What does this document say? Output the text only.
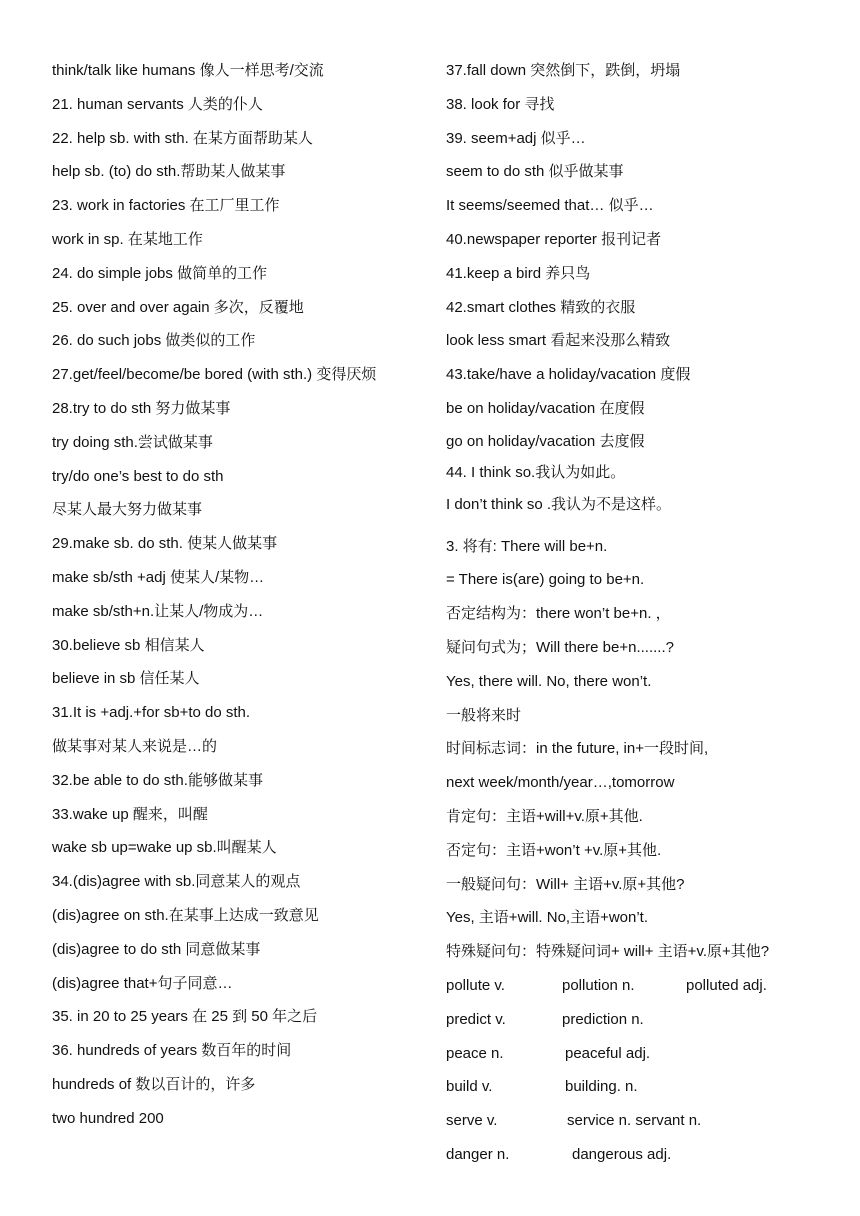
think/talk like humans 像人一样思考/交流
21. human servants 人类的仆人
22. help sb. with sth. 在某方面帮助某人
help sb. (to) do sth.帮助某人做某事
23. work in factories 在工厂里工作
work in sp. 在某地工作
24. do simple jobs 做简单的工作
25. over and over again 多次，反覆地
26. do such jobs 做类似的工作
27.get/feel/become/be bored (with sth.) 变得厌烦
28.try to do sth 努力做某事
try doing sth.尝试做某事
try/do one’s best to do sth
尽某人最大努力做某事
29.make sb. do sth. 使某人做某事
make sb/sth +adj 使某人/某物…
make sb/sth+n.让某人/物成为…
30.believe sb 相信某人
believe in sb 信任某人
31.It is +adj.+for sb+to do sth.
做某事对某人来说是…的
32.be able to do sth.能够做某事
33.wake up 醒来，叫醒
wake sb up=wake up sb.叫醒某人
34.(dis)agree with sb.同意某人的观点
(dis)agree on sth.在某事上达成一致意见
(dis)agree to do sth 同意做某事
(dis)agree that+句子同意…
35. in 20 to 25 years 在 25 到 50 年之后
36. hundreds of years 数百年的时间
hundreds of 数以百计的，许多
two hundred 200
37.fall down 突然倒下，跌倒，坍塌
38. look for 寻找
39. seem+adj 似乎…
seem to do sth 似乎做某事
It seems/seemed that… 似乎…
40.newspaper reporter 报刊记者
41.keep a bird 养只鸟
42.smart clothes 精致的衣服
look less smart 看起来没那么精致
43.take/have a holiday/vacation 度假
be on holiday/vacation 在度假
go on holiday/vacation 去度假
44. I think so.我认为如此。
I don’t think so .我认为不是这样。
3. 将有: There will be+n.
= There is(are) going to be+n.
否定结构为：there won’t be+n. ，
疑问句式为；Will there be+n.......?
Yes, there will. No, there won’t.
一般将来时
时间标志词：in the future, in+一段时间,
next week/month/year…,tomorrow
肯定句：主语+will+v.原+其他.
否定句：主语+won’t +v.原+其他.
一般疑问句：Will+ 主语+v.原+其他?
Yes, 主语+will. No,主语+won’t.
特殊疑问句：特殊疑问词+ will+ 主语+v.原+其他?
pollute v.	pollution n.	polluted adj.
predict v.	prediction n.
peace n.	peaceful adj.
build v.	building. n.
serve v.	service n. servant n.
danger n.	dangerous adj.
